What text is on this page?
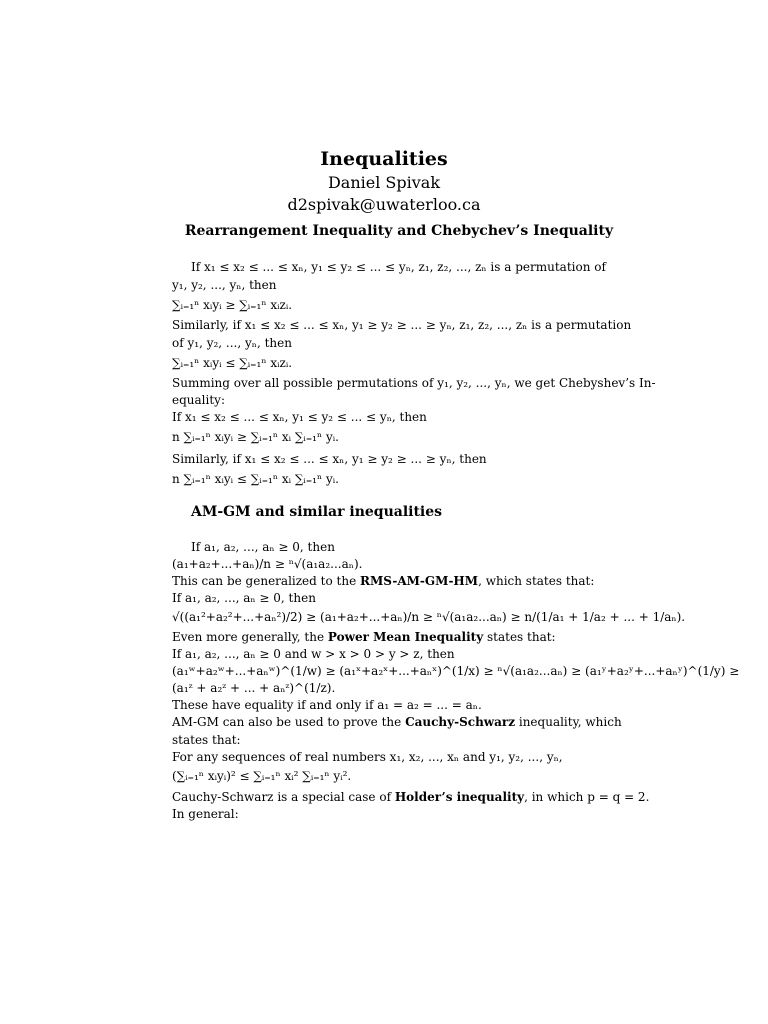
Inequalities
Daniel Spivak
d2spivak@uwaterloo.ca
Rearrangement Inequality and Chebychev’s Inequality
If x₁ ≤ x₂ ≤ ... ≤ xₙ, y₁ ≤ y₂ ≤ ... ≤ yₙ, z₁, z₂, ..., zₙ is a permutation of
y₁, y₂, ..., yₙ, then
∑ᵢ₌₁ⁿ xᵢyᵢ ≥ ∑ᵢ₌₁ⁿ xᵢzᵢ.
Similarly, if x₁ ≤ x₂ ≤ ... ≤ xₙ, y₁ ≥ y₂ ≥ ... ≥ yₙ, z₁, z₂, ..., zₙ is a permutation
of y₁, y₂, ..., yₙ, then
∑ᵢ₌₁ⁿ xᵢyᵢ ≤ ∑ᵢ₌₁ⁿ xᵢzᵢ.
Summing over all possible permutations of y₁, y₂, ..., yₙ, we get Chebyshev’s In-
equality:
If x₁ ≤ x₂ ≤ ... ≤ xₙ, y₁ ≤ y₂ ≤ ... ≤ yₙ, then
n ∑ᵢ₌₁ⁿ xᵢyᵢ ≥ ∑ᵢ₌₁ⁿ xᵢ ∑ᵢ₌₁ⁿ yᵢ.
Similarly, if x₁ ≤ x₂ ≤ ... ≤ xₙ, y₁ ≥ y₂ ≥ ... ≥ yₙ, then
n ∑ᵢ₌₁ⁿ xᵢyᵢ ≤ ∑ᵢ₌₁ⁿ xᵢ ∑ᵢ₌₁ⁿ yᵢ.
AM-GM and similar inequalities
If a₁, a₂, ..., aₙ ≥ 0, then
(a₁+a₂+...+aₙ)/n ≥ ⁿ√(a₁a₂...aₙ).
This can be generalized to the RMS-AM-GM-HM, which states that:
If a₁, a₂, ..., aₙ ≥ 0, then
√((a₁²+a₂²+...+aₙ²)/2) ≥ (a₁+a₂+...+aₙ)/n ≥ ⁿ√(a₁a₂...aₙ) ≥ n/(1/a₁ + 1/a₂ + ... + 1/aₙ).
Even more generally, the Power Mean Inequality states that:
If a₁, a₂, ..., aₙ ≥ 0 and w > x > 0 > y > z, then
(a₁ʷ+a₂ʷ+...+aₙʷ)^(1/w) ≥ (a₁ˣ+a₂ˣ+...+aₙˣ)^(1/x) ≥ ⁿ√(a₁a₂...aₙ) ≥ (a₁ʸ+a₂ʸ+...+aₙʸ)^(1/y) ≥
(a₁ᶻ + a₂ᶻ + ... + aₙᶻ)^(1/z).
These have equality if and only if a₁ = a₂ = ... = aₙ.
AM-GM can also be used to prove the Cauchy-Schwarz inequality, which
states that:
For any sequences of real numbers x₁, x₂, ..., xₙ and y₁, y₂, ..., yₙ,
(∑ᵢ₌₁ⁿ xᵢyᵢ)² ≤ ∑ᵢ₌₁ⁿ xᵢ² ∑ᵢ₌₁ⁿ yᵢ².
Cauchy-Schwarz is a special case of Holder’s inequality, in which p = q = 2.
In general:
